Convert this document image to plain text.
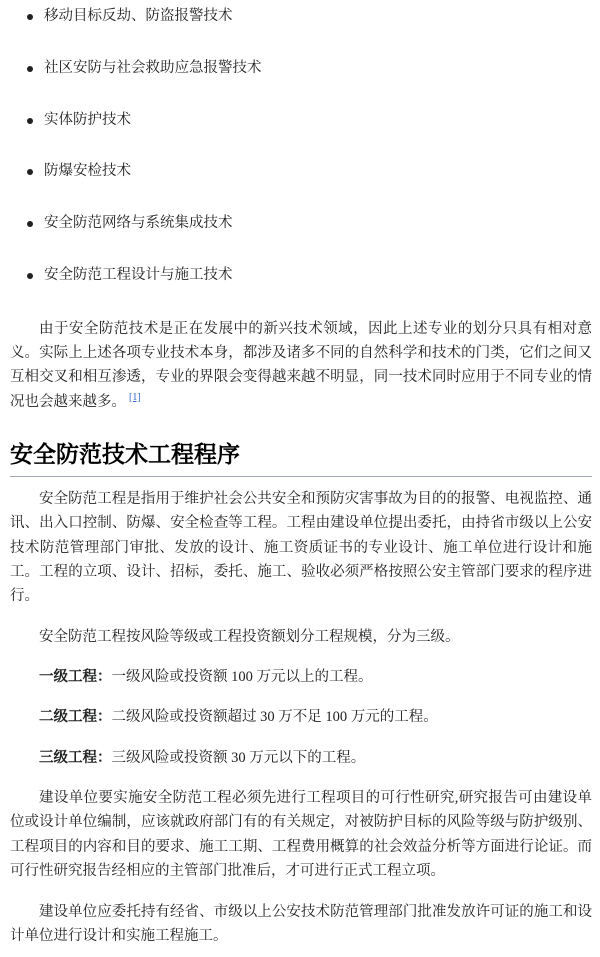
移动目标反劫、防盗报警技术
社区安防与社会救助应急报警技术
实体防护技术
防爆安检技术
安全防范网络与系统集成技术
安全防范工程设计与施工技术

由于安全防范技术是正在发展中的新兴技术领域，因此上述专业的划分只具有相对意义。实际上上述各项专业技术本身，都涉及诸多不同的自然科学和技术的门类，它们之间又互相交叉和相互渗透，专业的界限会变得越来越不明显，同一技术同时应用于不同专业的情况也会越来越多。 [1]

安全防范技术工程程序

安全防范工程是指用于维护社会公共安全和预防灾害事故为目的的报警、电视监控、通讯、出入口控制、防爆、安全检查等工程。工程由建设单位提出委托，由持省市级以上公安技术防范管理部门审批、发放的设计、施工资质证书的专业设计、施工单位进行设计和施工。工程的立项、设计、招标，委托、施工、验收必须严格按照公安主管部门要求的程序进行。

安全防范工程按风险等级或工程投资额划分工程规模，分为三级。

一级工程：一级风险或投资额 100 万元以上的工程。

二级工程：二级风险或投资额超过 30 万不足 100 万元的工程。

三级工程：三级风险或投资额 30 万元以下的工程。

建设单位要实施安全防范工程必须先进行工程项目的可行性研究,研究报告可由建设单位或设计单位编制，应该就政府部门有的有关规定，对被防护目标的风险等级与防护级别、工程项目的内容和目的要求、施工工期、工程费用概算的社会效益分析等方面进行论证。而可行性研究报告经相应的主管部门批准后，才可进行正式工程立项。

建设单位应委托持有经省、市级以上公安技术防范管理部门批准发放许可证的施工和设计单位进行设计和实施工程施工。
